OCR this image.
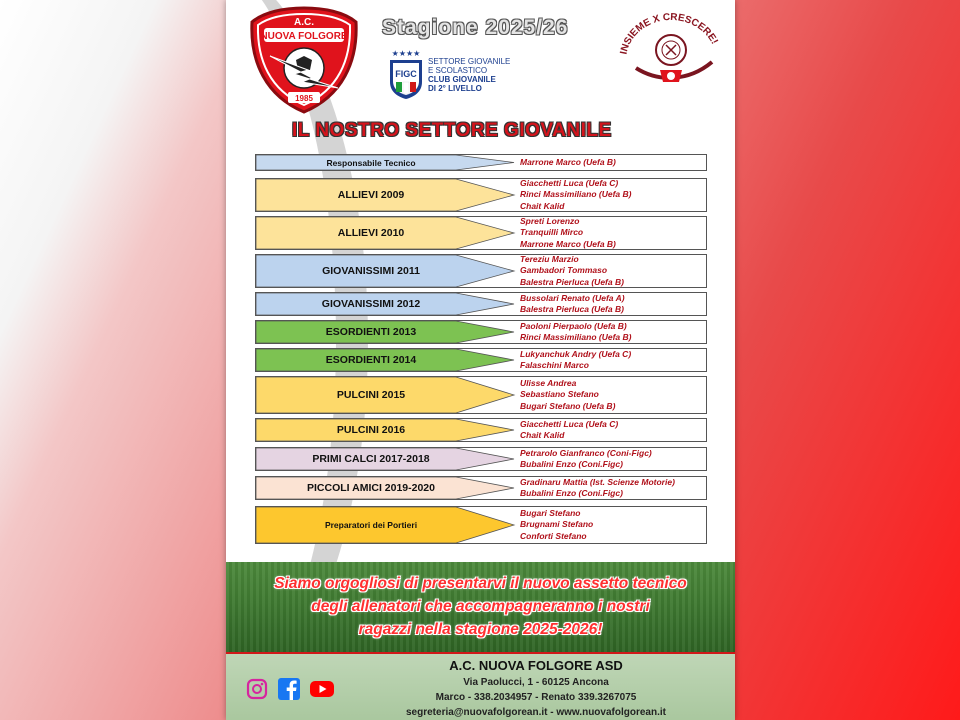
A.C.
NUOVA FOLGORE
1985
Stagione 2025/26
★★★★
FIGC
SETTORE GIOVANILE
E SCOLASTICO
CLUB GIOVANILE
DI 2° LIVELLO
INSIEME X CRESCERE!
IL NOSTRO SETTORE GIOVANILE
Responsabile Tecnico	Marrone Marco (Uefa B)
ALLIEVI 2009
Giacchetti Luca (Uefa C)
Rinci Massimiliano (Uefa B)
Chait Kalid
ALLIEVI 2010
Spreti Lorenzo
Tranquilli Mirco
Marrone Marco (Uefa B)
GIOVANISSIMI 2011
Tereziu Marzio
Gambadori Tommaso
Balestra Pierluca (Uefa B)
GIOVANISSIMI 2012
Bussolari Renato (Uefa A)
Balestra Pierluca (Uefa B)
ESORDIENTI 2013
Paoloni Pierpaolo (Uefa B)
Rinci Massimiliano (Uefa B)
ESORDIENTI 2014
Lukyanchuk Andry (Uefa C)
Falaschini Marco
PULCINI 2015
Ulisse Andrea
Sebastiano Stefano
Bugari Stefano (Uefa B)
PULCINI 2016
Giacchetti Luca (Uefa C)
Chait Kalid
PRIMI CALCI 2017-2018
Petrarolo Gianfranco (Coni-Figc)
Bubalini Enzo (Coni.Figc)
PICCOLI AMICI 2019-2020
Gradinaru Mattia (Ist. Scienze Motorie)
Bubalini Enzo (Coni.Figc)
Preparatori dei Portieri
Bugari Stefano
Brugnami Stefano
Conforti Stefano
Siamo orgogliosi di presentarvi il nuovo assetto tecnico
degli allenatori che accompagneranno i nostri
ragazzi nella stagione 2025-2026!
A.C. NUOVA FOLGORE ASD
Via Paolucci, 1 - 60125 Ancona
Marco - 338.2034957 - Renato 339.3267075
segreteria@nuovafolgorean.it - www.nuovafolgorean.it
